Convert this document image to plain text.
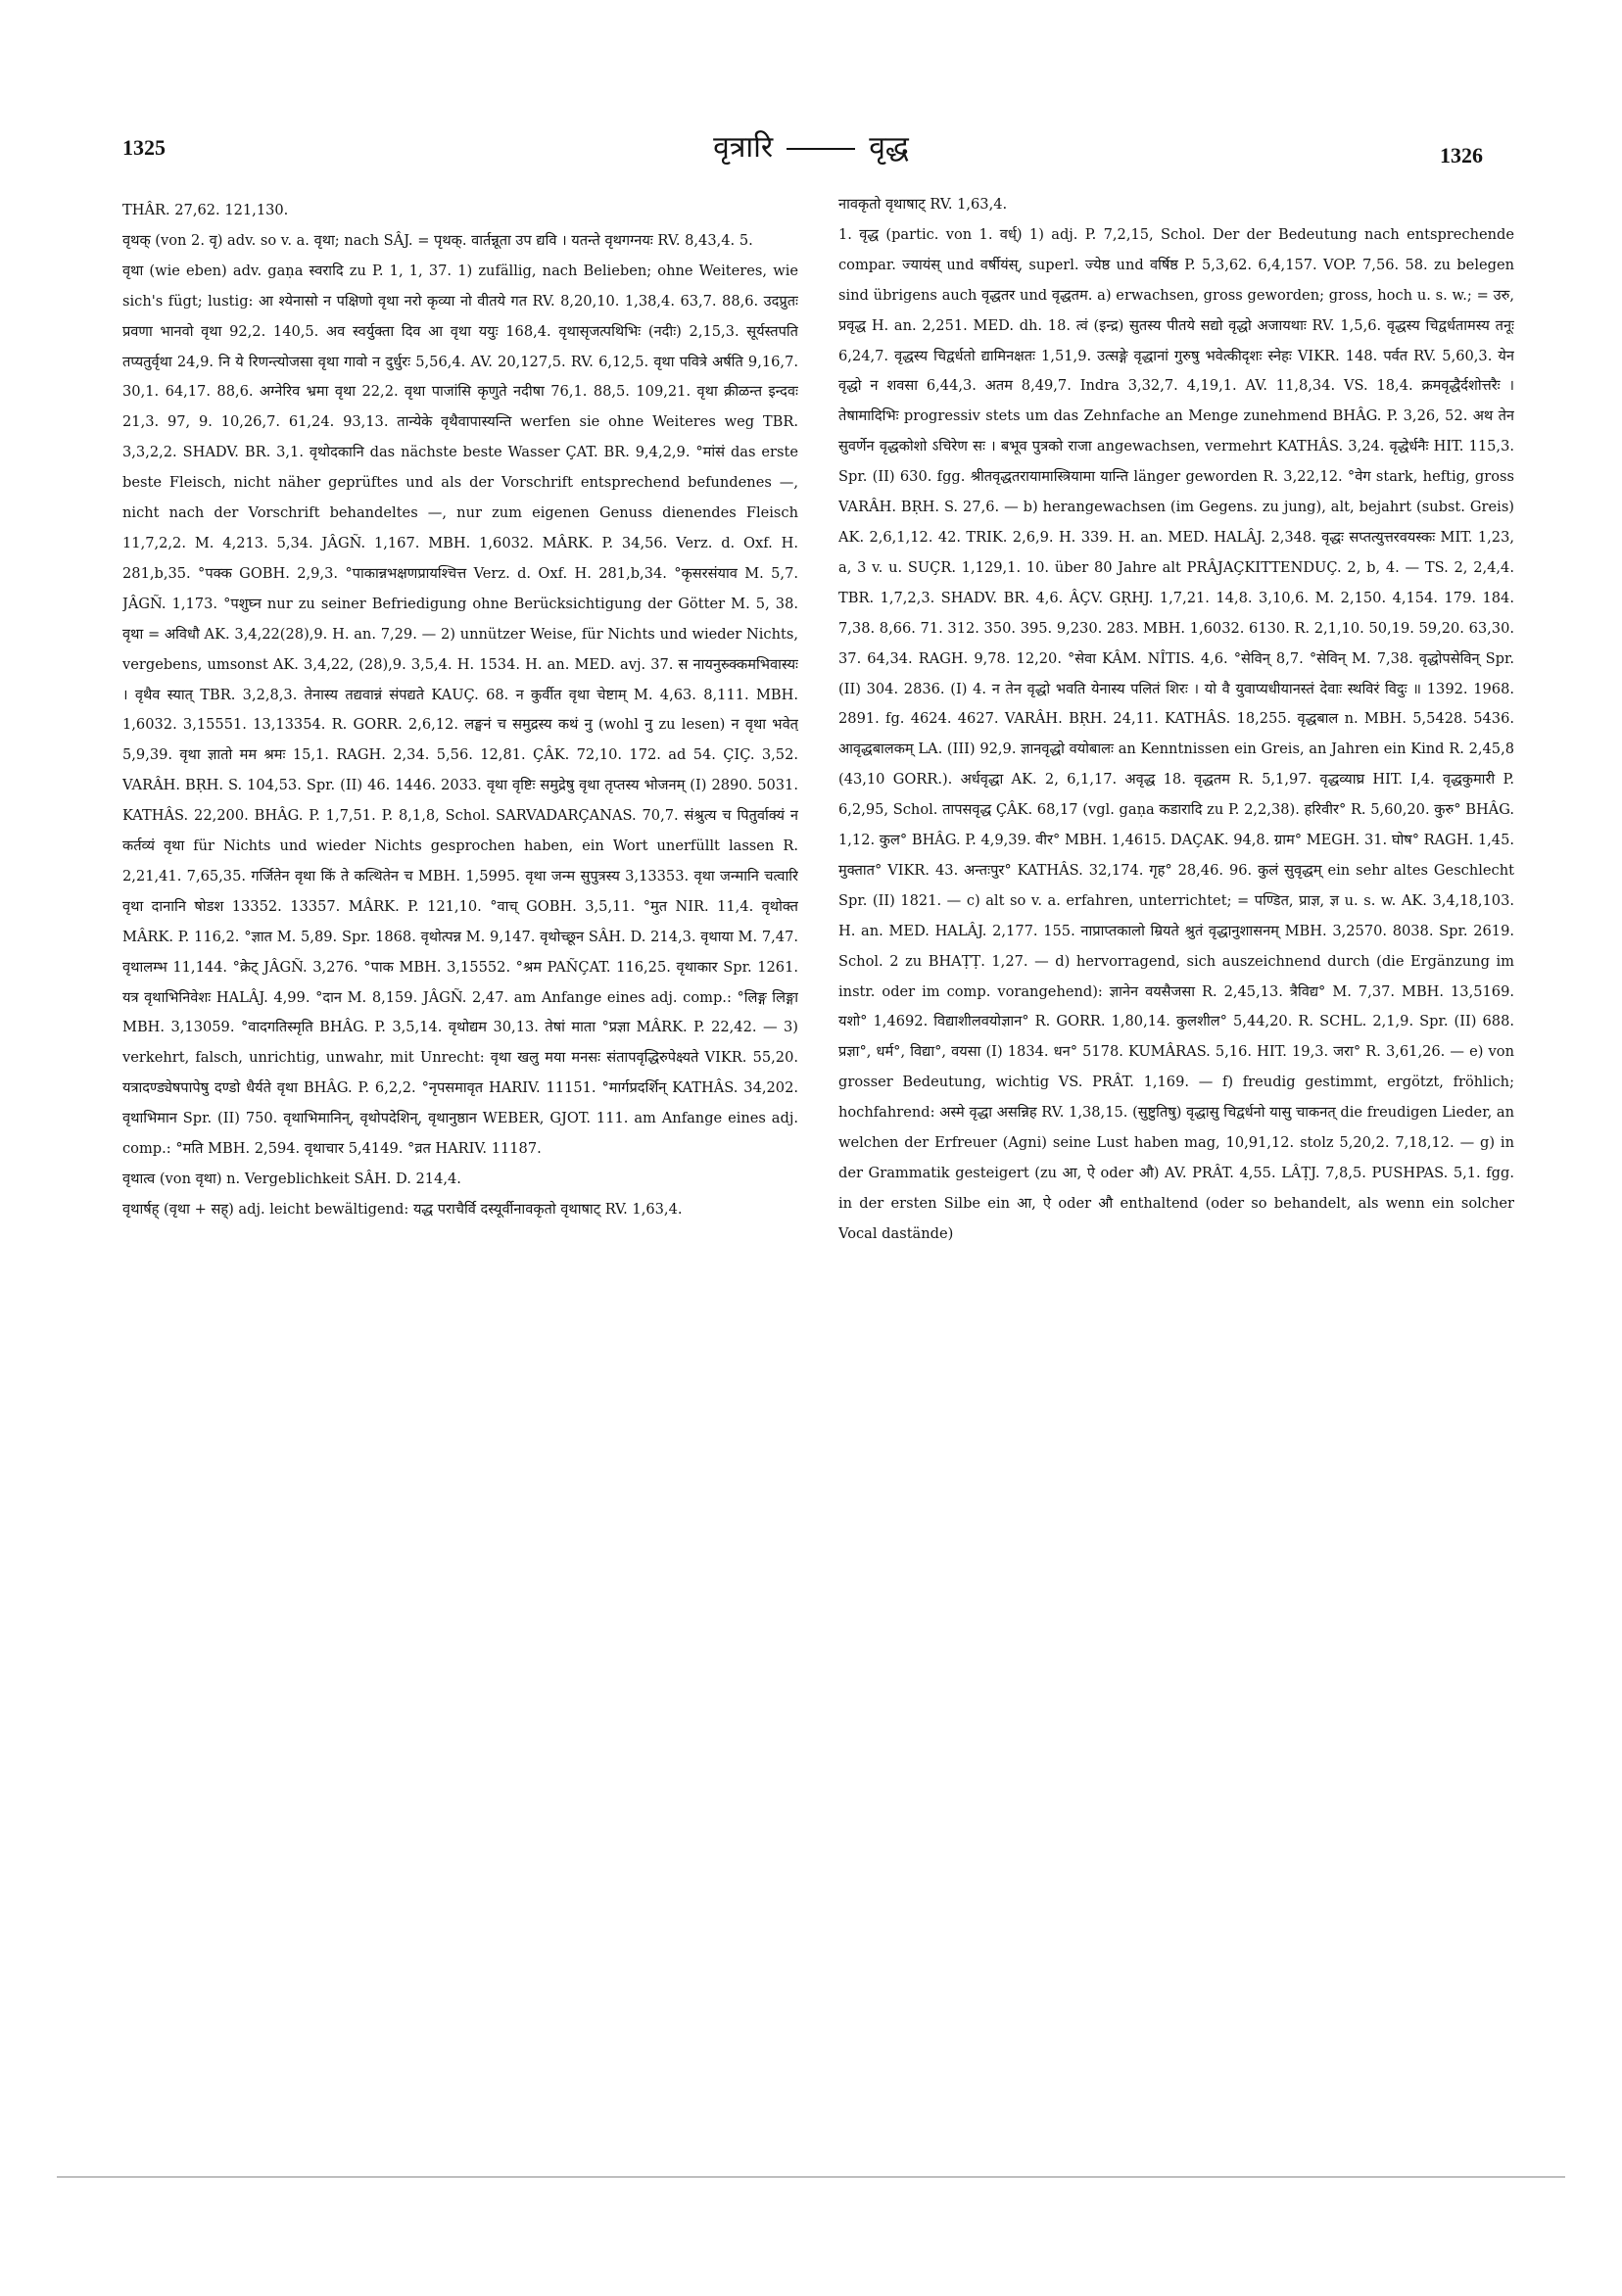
1325	वृत्रारि	वृद्ध	1326

THÂR. 27,62. 121,130.

वृथक् (von 2. वृ) adv. so v. a. वृथा; nach SÂJ. = पृथक्. वार्तन्नूता उप द्यवि । यतन्ते वृथगग्नयः RV. 8,43,4. 5.

वृथा (wie eben) adv. gaṇa स्वरादि zu P. 1, 1, 37. 1) zufällig, nach Belieben; ohne Weiteres, wie sich's fügt; lustig: आ श्येनासो न पक्षिणो वृथा नरो कृव्या नो वीतये गत RV. 8,20,10. 1,38,4. 63,7. 88,6. उदप्रुतः प्रवणा भानवो वृथा 92,2. 140,5. अव स्वर्युक्ता दिव आ वृथा ययुः 168,4. वृथासृजत्पथिभिः (नदीः) 2,15,3. सूर्यस्तपति तप्यतुर्वृथा 24,9. नि ये रिणन्त्योजसा वृथा गावो न दुर्धुरः 5,56,4. AV. 20,127,5. RV. 6,12,5. वृथा पवित्रे अर्षति 9,16,7. 30,1. 64,17. 88,6. अग्नेरिव भ्रमा वृथा 22,2. वृथा पाजांसि कृणुते नदीषा 76,1. 88,5. 109,21. वृथा क्रीळन्त इन्दवः 21,3. 97, 9. 10,26,7. 61,24. 93,13. तान्येके वृथैवापास्यन्ति werfen sie ohne Weiteres weg TBR. 3,3,2,2. SHADV. BR. 3,1. वृथोदकानि das nächste beste Wasser ÇAT. BR. 9,4,2,9. °मांसं das erste beste Fleisch, nicht näher geprüftes und als der Vorschrift entsprechend befundenes —, nicht nach der Vorschrift behandeltes —, nur zum eigenen Genuss dienendes Fleisch 11,7,2,2. M. 4,213. 5,34. JÂGÑ. 1,167. MBH. 1,6032. MÂRK. P. 34,56. Verz. d. Oxf. H. 281,b,35. °पक्क GOBH. 2,9,3. °पाकान्नभक्षणप्रायश्चित्त Verz. d. Oxf. H. 281,b,34. °कृसरसंयाव M. 5,7. JÂGÑ. 1,173. °पशुघ्न nur zu seiner Befriedigung ohne Berücksichtigung der Götter M. 5, 38. वृथा = अविधौ AK. 3,4,22(28),9. H. an. 7,29. — 2) unnützer Weise, für Nichts und wieder Nichts, vergebens, umsonst AK. 3,4,22, (28),9. 3,5,4. H. 1534. H. an. MED. avj. 37. स नायनुस्र्क्कमभिवास्यः । वृथैव स्यात् TBR. 3,2,8,3. तेनास्य तद्यवान्नं संपद्यते KAUÇ. 68. न कुर्वीत वृथा चेष्टाम् M. 4,63. 8,111. MBH. 1,6032. 3,15551. 13,13354. R. GORR. 2,6,12. लङ्घनं च समुद्रस्य कथं नु (wohl नु zu lesen) न वृथा भवेत् 5,9,39. वृथा ज्ञातो मम श्रमः 15,1. RAGH. 2,34. 5,56. 12,81. ÇÂK. 72,10. 172. ad 54. ÇIÇ. 3,52. VARÂH. BṚH. S. 104,53. Spr. (II) 46. 1446. 2033. वृथा वृष्टिः समुद्रेषु वृथा तृप्तस्य भोजनम् (I) 2890. 5031. KATHÂS. 22,200. BHÂG. P. 1,7,51. P. 8,1,8, Schol. SARVADARÇANAS. 70,7. संश्रुत्य च पितुर्वाक्यं न कर्तव्यं वृथा für Nichts und wieder Nichts gesprochen haben, ein Wort unerfüllt lassen R. 2,21,41. 7,65,35. गर्जितेन वृथा किं ते कत्थितेन च MBH. 1,5995. वृथा जन्म सुपुत्रस्य 3,13353. वृथा जन्मानि चत्वारि वृथा दानानि षोडश 13352. 13357. MÂRK. P. 121,10. °वाच् GOBH. 3,5,11. °मुत NIR. 11,4. वृथोक्त MÂRK. P. 116,2. °ज्ञात M. 5,89. Spr. 1868. वृथोत्पन्न M. 9,147. वृथोच्छून SÂH. D. 214,3. वृथाया M. 7,47. वृथालम्भ 11,144. °क्रेट् JÂGÑ. 3,276. °पाक MBH. 3,15552. °श्रम PAÑÇAT. 116,25. वृथाकार Spr. 1261. यत्र वृथाभिनिवेशः HALÂJ. 4,99. °दान M. 8,159. JÂGÑ. 2,47. am Anfange eines adj. comp.: °लिङ्ग लिङ्गा MBH. 3,13059. °वादगतिस्मृति BHÂG. P. 3,5,14. वृथोद्यम 30,13. तेषां माता °प्रज्ञा MÂRK. P. 22,42. — 3) verkehrt, falsch, unrichtig, unwahr, mit Unrecht: वृथा खलु मया मनसः संतापवृद्धिरुपेक्ष्यते VIKR. 55,20. यत्रादण्ड्येषपापेषु दण्डो धैर्यते वृथा BHÂG. P. 6,2,2. °नृपसमावृत HARIV. 11151. °मार्गप्रदर्शिन् KATHÂS. 34,202. वृथाभिमान Spr. (II) 750. वृथाभिमानिन्, वृथोपदेशिन्, वृथानुष्ठान WEBER, GJOT. 111. am Anfange eines adj. comp.: °मति MBH. 2,594. वृथाचार 5,4149. °व्रत HARIV. 11187.

वृथात्व (von वृथा) n. Vergeblichkeit SÂH. D. 214,4.

वृथार्षह् (वृथा + सह्) adj. leicht bewältigend: यद्ध पराचैर्वि दस्यूर्वीनावकृतो वृथाषाट् RV. 1,63,4.

नावकृतो वृथाषाट् RV. 1,63,4.

1. वृद्ध (partic. von 1. वर्ध्) 1) adj. P. 7,2,15, Schol. Der der Bedeutung nach entsprechende compar. ज्यायंस् und वर्षीयंस्, superl. ज्येष्ठ und वर्षिष्ठ P. 5,3,62. 6,4,157. VOP. 7,56. 58. zu belegen sind übrigens auch वृद्धतर und वृद्धतम. a) erwachsen, gross geworden; gross, hoch u. s. w.; = उरु, प्रवृद्ध H. an. 2,251. MED. dh. 18. त्वं (इन्द्र) सुतस्य पीतये सद्यो वृद्धो अजायथाः RV. 1,5,6. वृद्धस्य चिद्वर्धतामस्य तनूः 6,24,7. वृद्धस्य चिद्वर्धतो द्यामिनक्षतः 1,51,9. उत्सङ्गे वृद्धानां गुरुषु भवेत्कीदृशः स्नेहः VIKR. 148. पर्वत RV. 5,60,3. येन वृद्धो न शवसा 6,44,3. अतम 8,49,7. Indra 3,32,7. 4,19,1. AV. 11,8,34. VS. 18,4. क्रमवृद्धैर्दशोत्तरैः । तेषामादिभिः progressiv stets um das Zehnfache an Menge zunehmend BHÂG. P. 3,26, 52. अथ तेन सुवर्णेन वृद्धकोशो ऽचिरेण सः । बभूव पुत्रको राजा angewachsen, vermehrt KATHÂS. 3,24. वृद्धेर्धनैः HIT. 115,3. Spr. (II) 630. fgg. श्रीतवृद्धतरायामास्त्रियामा यान्ति länger geworden R. 3,22,12. °वेग stark, heftig, gross VARÂH. BṚH. S. 27,6. — b) herangewachsen (im Gegens. zu jung), alt, bejahrt (subst. Greis) AK. 2,6,1,12. 42. TRIK. 2,6,9. H. 339. H. an. MED. HALÂJ. 2,348. वृद्धः सप्तत्युत्तरवयस्कः MIT. 1,23, a, 3 v. u. SUÇR. 1,129,1. 10. über 80 Jahre alt PRÂJAÇKITTENDUÇ. 2, b, 4. — TS. 2, 2,4,4. TBR. 1,7,2,3. SHADV. BR. 4,6. ÂÇV. GṚHJ. 1,7,21. 14,8. 3,10,6. M. 2,150. 4,154. 179. 184. 7,38. 8,66. 71. 312. 350. 395. 9,230. 283. MBH. 1,6032. 6130. R. 2,1,10. 50,19. 59,20. 63,30. 37. 64,34. RAGH. 9,78. 12,20. °सेवा KÂM. NÎTIS. 4,6. °सेविन् 8,7. °सेविन् M. 7,38. वृद्धोपसेविन् Spr. (II) 304. 2836. (I) 4. न तेन वृद्धो भवति येनास्य पलितं शिरः । यो वै युवाप्यधीयानस्तं देवाः स्थविरं विदुः ॥ 1392. 1968. 2891. fg. 4624. 4627. VARÂH. BṚH. 24,11. KATHÂS. 18,255. वृद्धबाल n. MBH. 5,5428. 5436. आवृद्धबालकम् LA. (III) 92,9. ज्ञानवृद्धो वयोबालः an Kenntnissen ein Greis, an Jahren ein Kind R. 2,45,8 (43,10 GORR.). अर्धवृद्धा AK. 2, 6,1,17. अवृद्ध 18. वृद्धतम R. 5,1,97. वृद्धव्याघ्र HIT. I,4. वृद्धकुमारी P. 6,2,95, Schol. तापसवृद्ध ÇÂK. 68,17 (vgl. gaṇa कडारादि zu P. 2,2,38). हरिवीर° R. 5,60,20. कुरु° BHÂG. 1,12. कुल° BHÂG. P. 4,9,39. वीर° MBH. 1,4615. DAÇAK. 94,8. ग्राम° MEGH. 31. घोष° RAGH. 1,45. मुक्तात° VIKR. 43. अन्तःपुर° KATHÂS. 32,174. गृह° 28,46. 96. कुलं सुवृद्धम् ein sehr altes Geschlecht Spr. (II) 1821. — c) alt so v. a. erfahren, unterrichtet; = पण्डित, प्राज्ञ, ज्ञ u. s. w. AK. 3,4,18,103. H. an. MED. HALÂJ. 2,177. 155. नाप्राप्तकालो म्रियते श्रुतं वृद्धानुशासनम् MBH. 3,2570. 8038. Spr. 2619. Schol. 2 zu BHAṬṬ. 1,27. — d) hervorragend, sich auszeichnend durch (die Ergänzung im instr. oder im comp. vorangehend): ज्ञानेन वयसैजसा R. 2,45,13. त्रैविद्य° M. 7,37. MBH. 13,5169. यशो° 1,4692. विद्याशीलवयोज्ञान° R. GORR. 1,80,14. कुलशील° 5,44,20. R. SCHL. 2,1,9. Spr. (II) 688. प्रज्ञा°, धर्म°, विद्या°, वयसा (I) 1834. धन° 5178. KUMÂRAS. 5,16. HIT. 19,3. जरा° R. 3,61,26. — e) von grosser Bedeutung, wichtig VS. PRÂT. 1,169. — f) freudig gestimmt, ergötzt, fröhlich; hochfahrend: अस्मे वृद्धा असन्निह RV. 1,38,15. (सुष्टुतिषु) वृद्धासु चिद्वर्धनो यासु चाकनत् die freudigen Lieder, an welchen der Erfreuer (Agni) seine Lust haben mag, 10,91,12. stolz 5,20,2. 7,18,12. — g) in der Grammatik gesteigert (zu आ, ऐ oder औ) AV. PRÂT. 4,55. LÂṬJ. 7,8,5. PUSHPAS. 5,1. fgg. in der ersten Silbe ein आ, ऐ oder औ enthaltend (oder so behandelt, als wenn ein solcher Vocal dastände)
